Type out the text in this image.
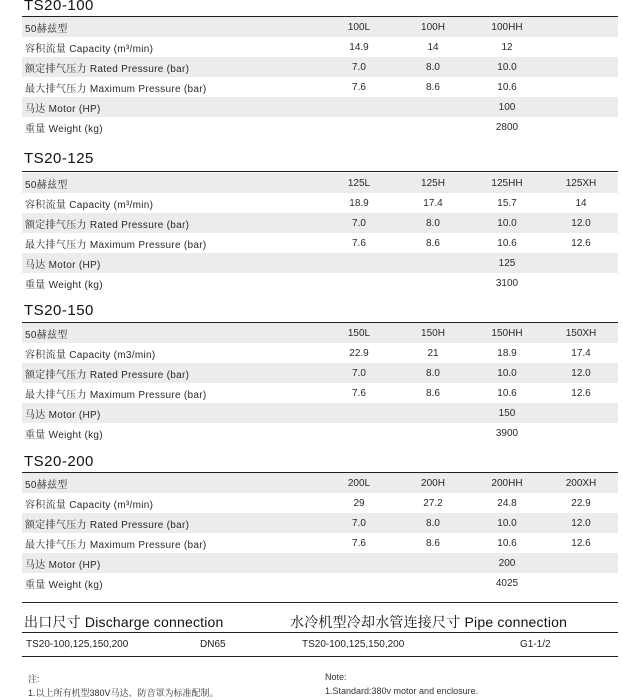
TS20-100
50赫兹型	100L	100H	100HH	
容积流量 Capacity (m³/min)	14.9	14	12	
额定排气压力 Rated Pressure (bar)	7.0	8.0	10.0	
最大排气压力 Maximum Pressure (bar)	7.6	8.6	10.6	
马达 Motor (HP)			100	
重量 Weight (kg)			2800	
TS20-125
50赫兹型	125L	125H	125HH	125XH
容积流量 Capacity (m³/min)	18.9	17.4	15.7	14
额定排气压力 Rated Pressure (bar)	7.0	8.0	10.0	12.0
最大排气压力 Maximum Pressure (bar)	7.6	8.6	10.6	12.6
马达 Motor (HP)			125	
重量 Weight (kg)			3100	
TS20-150
50赫兹型	150L	150H	150HH	150XH
容积流量 Capacity (m3/min)	22.9	21	18.9	17.4
额定排气压力 Rated Pressure (bar)	7.0	8.0	10.0	12.0
最大排气压力 Maximum Pressure (bar)	7.6	8.6	10.6	12.6
马达 Motor (HP)			150	
重量 Weight (kg)			3900	
TS20-200
50赫兹型	200L	200H	200HH	200XH
容积流量 Capacity (m³/min)	29	27.2	24.8	22.9
额定排气压力 Rated Pressure (bar)	7.0	8.0	10.0	12.0
最大排气压力 Maximum Pressure (bar)	7.6	8.6	10.6	12.6
马达 Motor (HP)			200	
重量 Weight (kg)			4025	
出口尺寸 Discharge connection	水冷机型冷却水管连接尺寸 Pipe connection
TS20-100,125,150,200	DN65	TS20-100,125,150,200	G1-1/2
注:
1.以上所有机型380V马达、防音罩为标准配制。
Note:
1.Standard:380v motor and enclosure.
